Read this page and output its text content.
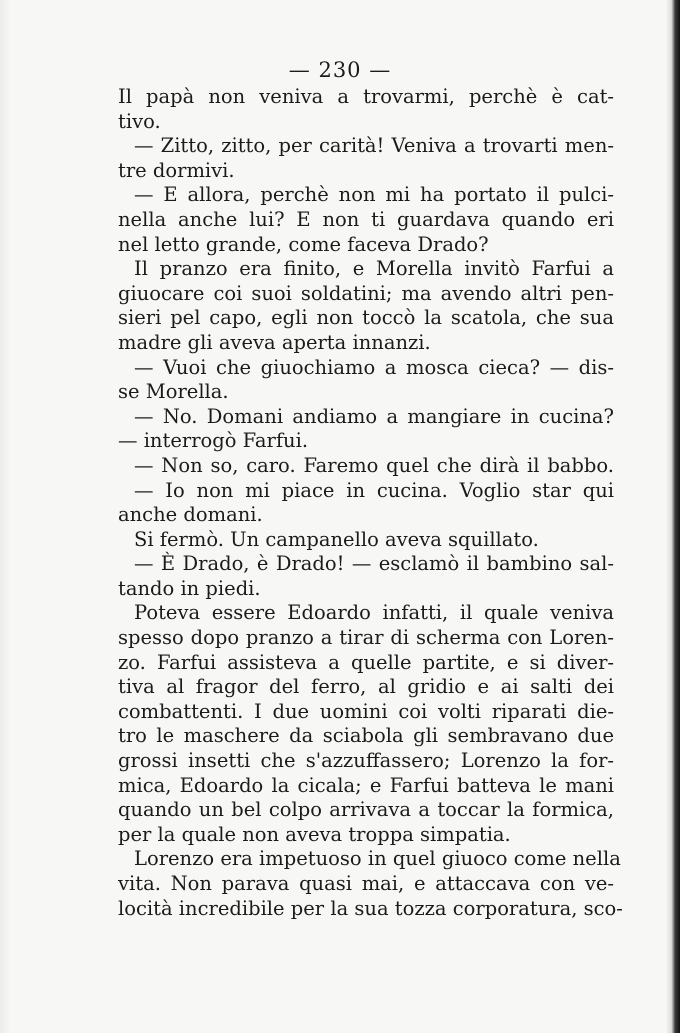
— 230 —
Il papà non veniva a trovarmi, perchè è cat-
tivo.
— Zitto, zitto, per carità! Veniva a trovarti men-
tre dormivi.
— E allora, perchè non mi ha portato il pulci-
nella anche lui? E non ti guardava quando eri
nel letto grande, come faceva Drado?
Il pranzo era finito, e Morella invitò Farfui a
giuocare coi suoi soldatini; ma avendo altri pen-
sieri pel capo, egli non toccò la scatola, che sua
madre gli aveva aperta innanzi.
— Vuoi che giuochiamo a mosca cieca? — dis-
se Morella.
— No. Domani andiamo a mangiare in cucina?
— interrogò Farfui.
— Non so, caro. Faremo quel che dirà il babbo.
— Io non mi piace in cucina. Voglio star qui
anche domani.
Si fermò. Un campanello aveva squillato.
— È Drado, è Drado! — esclamò il bambino sal-
tando in piedi.
Poteva essere Edoardo infatti, il quale veniva
spesso dopo pranzo a tirar di scherma con Loren-
zo. Farfui assisteva a quelle partite, e si diver-
tiva al fragor del ferro, al gridio e ai salti dei
combattenti. I due uomini coi volti riparati die-
tro le maschere da sciabola gli sembravano due
grossi insetti che s'azzuffassero; Lorenzo la for-
mica, Edoardo la cicala; e Farfui batteva le mani
quando un bel colpo arrivava a toccar la formica,
per la quale non aveva troppa simpatia.
Lorenzo era impetuoso in quel giuoco come nella
vita. Non parava quasi mai, e attaccava con ve-
locità incredibile per la sua tozza corporatura, sco-
